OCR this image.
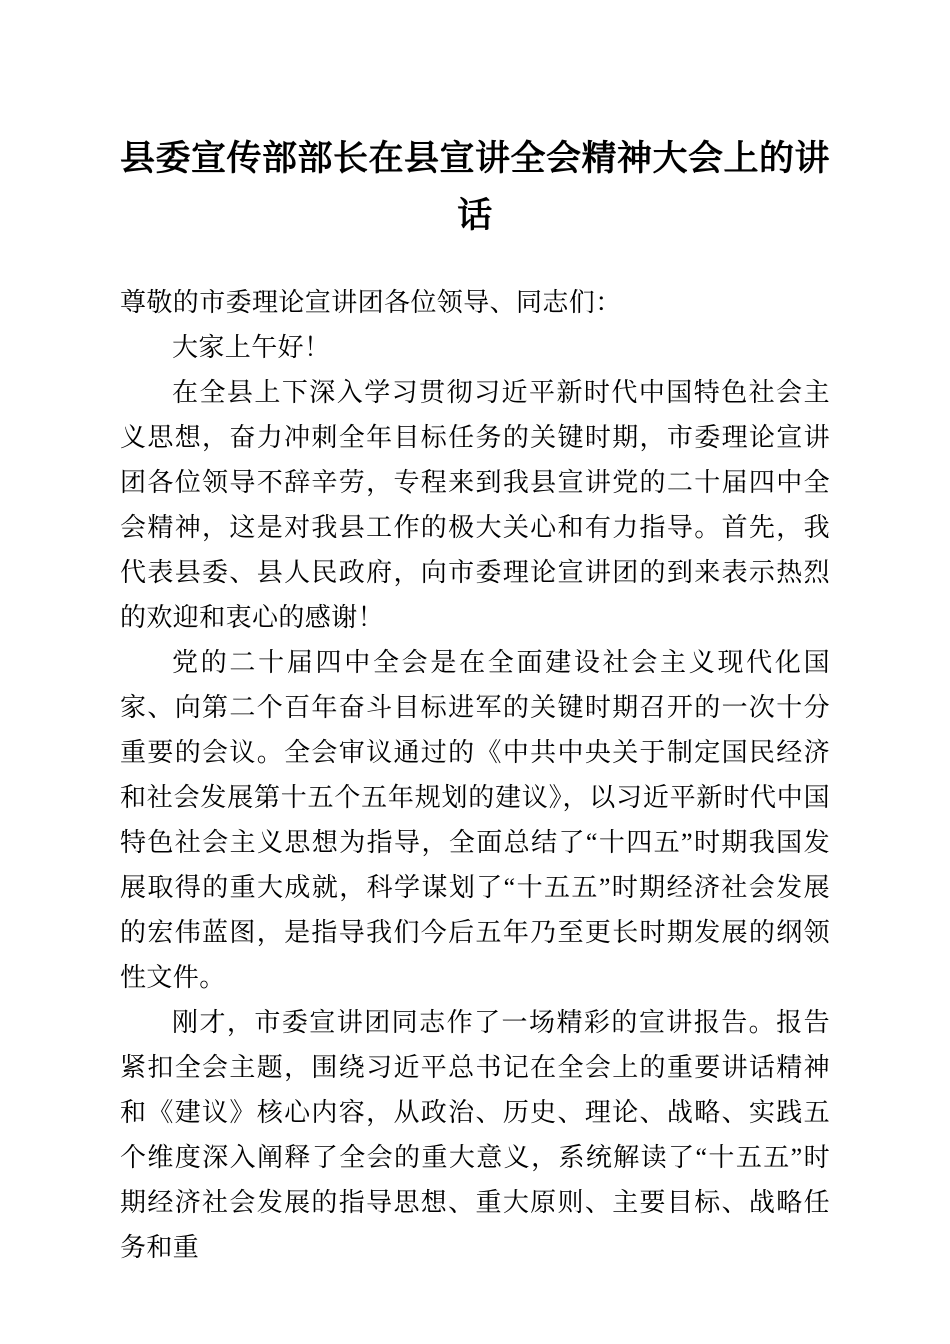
县委宣传部部长在县宣讲全会精神大会上的讲话

尊敬的市委理论宣讲团各位领导、同志们：

大家上午好！

在全县上下深入学习贯彻习近平新时代中国特色社会主义思想，奋力冲刺全年目标任务的关键时期，市委理论宣讲团各位领导不辞辛劳，专程来到我县宣讲党的二十届四中全会精神，这是对我县工作的极大关心和有力指导。首先，我代表县委、县人民政府，向市委理论宣讲团的到来表示热烈的欢迎和衷心的感谢！

党的二十届四中全会是在全面建设社会主义现代化国家、向第二个百年奋斗目标进军的关键时期召开的一次十分重要的会议。全会审议通过的《中共中央关于制定国民经济和社会发展第十五个五年规划的建议》，以习近平新时代中国特色社会主义思想为指导，全面总结了“十四五”时期我国发展取得的重大成就，科学谋划了“十五五”时期经济社会发展的宏伟蓝图，是指导我们今后五年乃至更长时期发展的纲领性文件。

刚才，市委宣讲团同志作了一场精彩的宣讲报告。报告紧扣全会主题，围绕习近平总书记在全会上的重要讲话精神和《建议》核心内容，从政治、历史、理论、战略、实践五个维度深入阐释了全会的重大意义，系统解读了“十五五”时期经济社会发展的指导思想、重大原则、主要目标、战略任务和重
